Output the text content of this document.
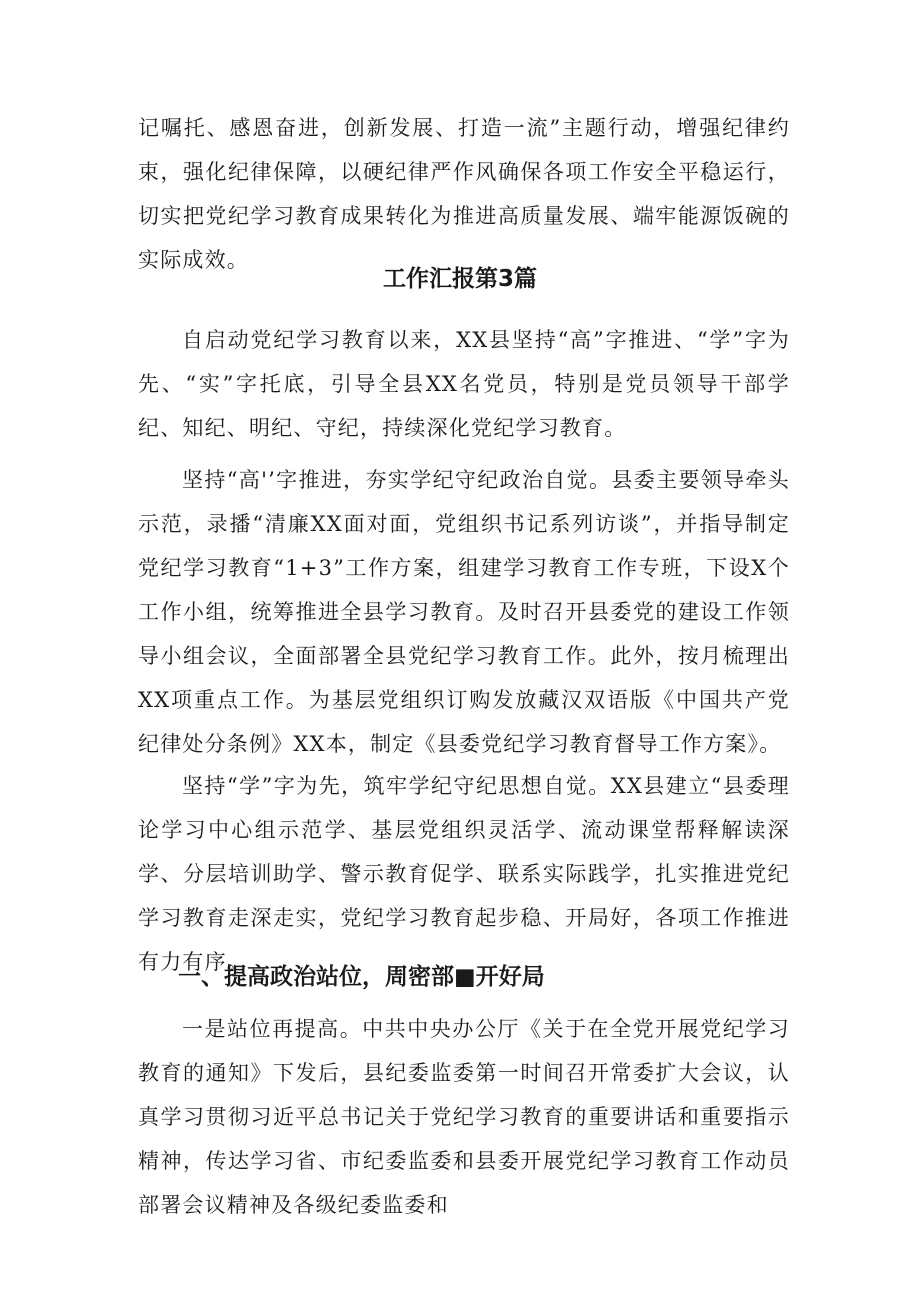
记嘱托、感恩奋进，创新发展、打造一流”主题行动，增强纪律约束，强化纪律保障，以硬纪律严作风确保各项工作安全平稳运行，切实把党纪学习教育成果转化为推进高质量发展、端牢能源饭碗的实际成效。

工作汇报第3篇

自启动党纪学习教育以来，XX县坚持“高”字推进、“学”字为先、“实”字托底，引导全县XX名党员，特别是党员领导干部学纪、知纪、明纪、守纪，持续深化党纪学习教育。

坚持“高'’字推进，夯实学纪守纪政治自觉。县委主要领导牵头示范，录播“清廉XX面对面，党组织书记系列访谈”，并指导制定党纪学习教育“1+3”工作方案，组建学习教育工作专班，下设X个工作小组，统筹推进全县学习教育。及时召开县委党的建设工作领导小组会议，全面部署全县党纪学习教育工作。此外，按月梳理出XX项重点工作。为基层党组织订购发放藏汉双语版《中国共产党纪律处分条例》XX本，制定《县委党纪学习教育督导工作方案》。

坚持“学”字为先，筑牢学纪守纪思想自觉。XX县建立“县委理论学习中心组示范学、基层党组织灵活学、流动课堂帮释解读深学、分层培训助学、警示教育促学、联系实际践学，扎实推进党纪学习教育走深走实，党纪学习教育起步稳、开局好，各项工作推进有力有序。

一、提高政治站位，周密部■开好局

一是站位再提高。中共中央办公厅《关于在全党开展党纪学习教育的通知》下发后，县纪委监委第一时间召开常委扩大会议，认真学习贯彻习近平总书记关于党纪学习教育的重要讲话和重要指示精神，传达学习省、市纪委监委和县委开展党纪学习教育工作动员部署会议精神及各级纪委监委和
